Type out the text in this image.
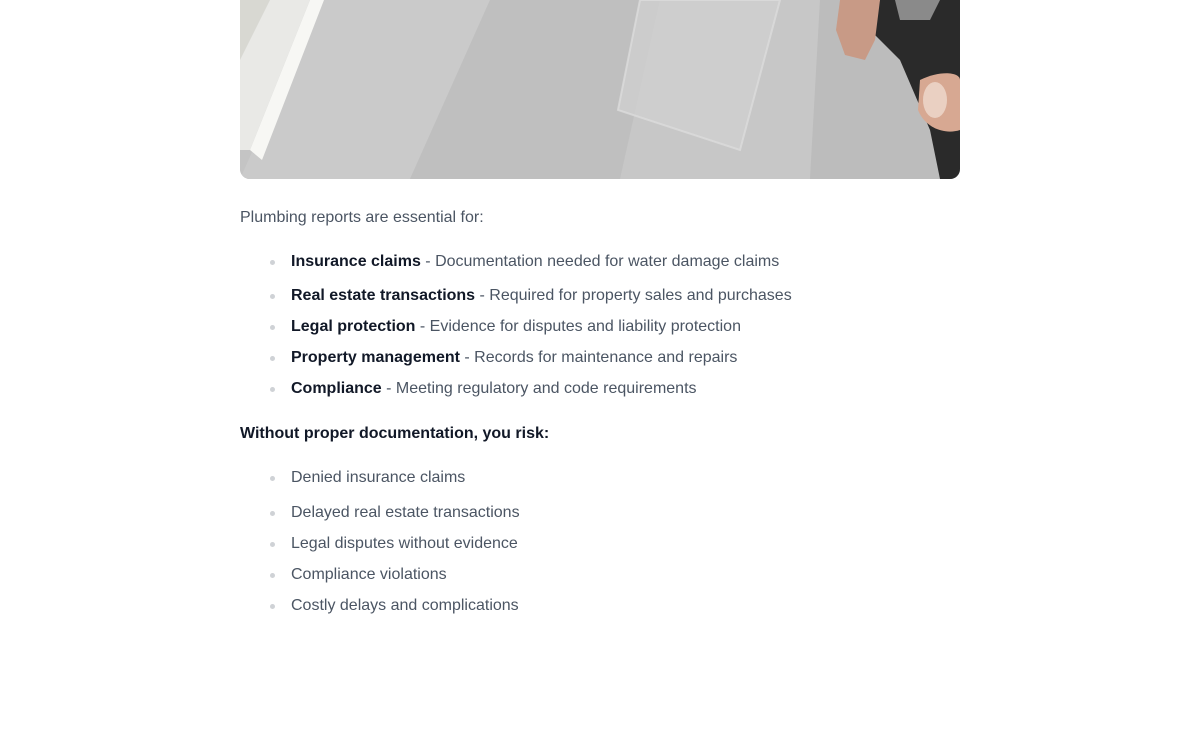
Plumbing reports are essential for:

Insurance claims - Documentation needed for water damage claims
Real estate transactions - Required for property sales and purchases
Legal protection - Evidence for disputes and liability protection
Property management - Records for maintenance and repairs
Compliance - Meeting regulatory and code requirements

Without proper documentation, you risk:

Denied insurance claims
Delayed real estate transactions
Legal disputes without evidence
Compliance violations
Costly delays and complications
